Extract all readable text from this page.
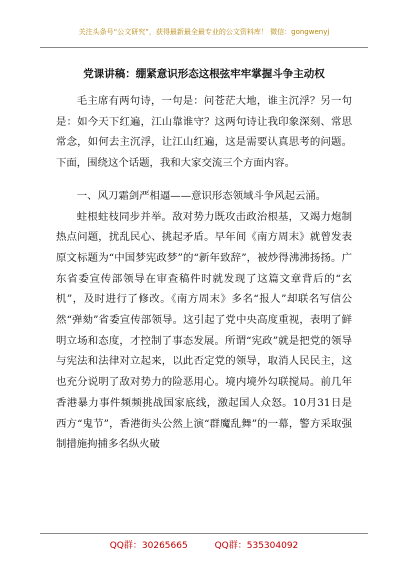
关注头条号“公文研究”，获得最新最全最专业的公文资料库！ 微信：gongwenyj
党课讲稿：绷紧意识形态这根弦牢牢掌握斗争主动权

毛主席有两句诗，一句是：问苍茫大地，谁主沉浮？另一句是：如今天下红遍，江山靠谁守？这两句诗让我印象深刻、常思常念，如何去主沉浮，让江山红遍，这是需要认真思考的问题。下面，围绕这个话题，我和大家交流三个方面内容。

一、风刀霜剑严相逼——意识形态领域斗争风起云涌。

蛀根蛀枝同步并举。敌对势力既攻击政治根基，又竭力炮制热点问题，扰乱民心、挑起矛盾。早年间《南方周末》就曾发表原文标题为“中国梦宪政梦”的“新年致辞”，被炒得沸沸扬扬。广东省委宣传部领导在审查稿件时就发现了这篇文章背后的“玄机”，及时进行了修改。《南方周末》多名“报人”却联名写信公然“弹劾”省委宣传部领导。这引起了党中央高度重视，表明了鲜明立场和态度，才控制了事态发展。所谓“宪政”就是把党的领导与宪法和法律对立起来，以此否定党的领导，取消人民民主，这也充分说明了敌对势力的险恶用心。境内境外勾联搅局。前几年香港暴力事件频频挑战国家底线，激起国人众怒。10月31日是西方“鬼节”，香港街头公然上演“群魔乱舞”的一幕，警方采取强制措施拘捕多名纵火破

QQ群：30265665	QQ群：535304092
